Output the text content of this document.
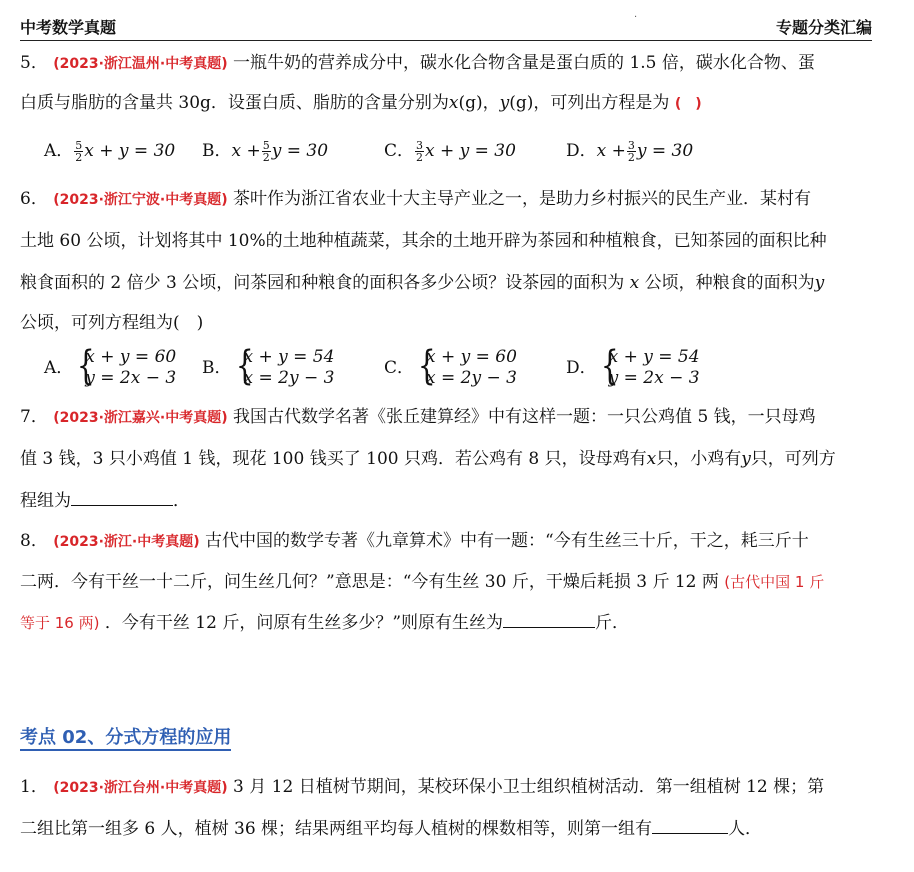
中考数学真题
·
专题分类汇编
5． (2023·浙江温州·中考真题) 一瓶牛奶的营养成分中，碳水化合物含量是蛋白质的 1.5 倍，碳水化合物、蛋
白质与脂肪的含量共 30g．设蛋白质、脂肪的含量分别为x(g)，y(g)，可列出方程是为 (　)
A． $\frac{5}{2}$ x + y = 30 B．$x + \frac{5}{2}$ y = 30	C． $\frac{3}{2}$ x + y = 30	D．$x + \frac{3}{2}$ y = 30
6． (2023·浙江宁波·中考真题) 茶叶作为浙江省农业十大主导产业之一，是助力乡村振兴的民生产业．某村有
土地 60 公顷，计划将其中 10%的土地种植蔬菜，其余的土地开辟为茶园和种植粮食，已知茶园的面积比种
粮食面积的 2 倍少 3 公顷，问茶园和种粮食的面积各多少公顷？设茶园的面积为 x 公顷，种粮食的面积为y
公顷，可列方程组为(　)
A． {
x + y = 60
y = 2x − 3 B． {
x + y = 54
x = 2y − 3	C． {
x + y = 60
x = 2y − 3	D． {
x + y = 54
y = 2x − 3
7． (2023·浙江嘉兴·中考真题) 我国古代数学名著《张丘建算经》中有这样一题：一只公鸡值 5 钱，一只母鸡
值 3 钱，3 只小鸡值 1 钱，现花 100 钱买了 100 只鸡．若公鸡有 8 只，设母鸡有x只，小鸡有y只，可列方
程组为	．
8． (2023·浙江·中考真题) 古代中国的数学专著《九章算术》中有一题：“今有生丝三十斤，干之，耗三斤十
二两．今有干丝一十二斤，问生丝几何？”意思是：“今有生丝 30 斤，干燥后耗损 3 斤 12 两 (古代中国 1 斤
等于 16 两) ．今有干丝 12 斤，问原有生丝多少？”则原有生丝为	斤．
考点 02、分式方程的应用
1． (2023·浙江台州·中考真题) 3 月 12 日植树节期间，某校环保小卫士组织植树活动．第一组植树 12 棵；第
二组比第一组多 6 人，植树 36 棵；结果两组平均每人植树的棵数相等，则第一组有	人．
